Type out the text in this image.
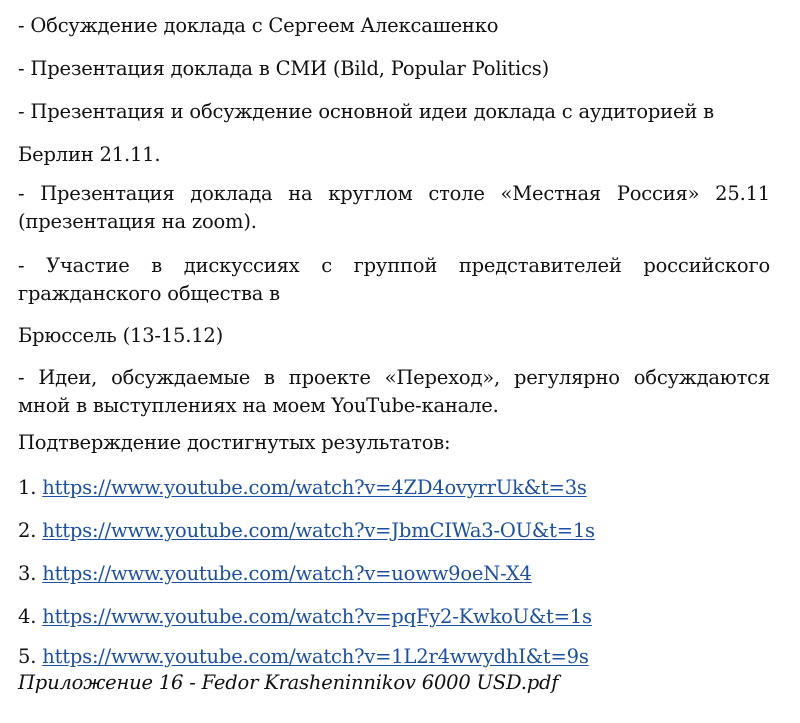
- Обсуждение доклада с Сергеем Алексашенко

- Презентация доклада в СМИ (Bild, Popular Politics)

- Презентация и обсуждение основной идеи доклада с аудиторией в

Берлин 21.11.

- Презентация доклада на круглом столе «Местная Россия» 25.11 (презентация на zoom).

- Участие в дискуссиях с группой представителей российского гражданского общества в

Брюссель (13-15.12)

- Идеи, обсуждаемые в проекте «Переход», регулярно обсуждаются мной в выступлениях на моем YouTube-канале.

Подтверждение достигнутых результатов:

1. https://www.youtube.com/watch?v=4ZD4ovyrrUk&t=3s

2. https://www.youtube.com/watch?v=JbmCIWa3-OU&t=1s

3. https://www.youtube.com/watch?v=uoww9oeN-X4

4. https://www.youtube.com/watch?v=pqFy2-KwkoU&t=1s

5. https://www.youtube.com/watch?v=1L2r4wwydhI&t=9s

Приложение 16 - Fedor Krasheninnikov 6000 USD.pdf
